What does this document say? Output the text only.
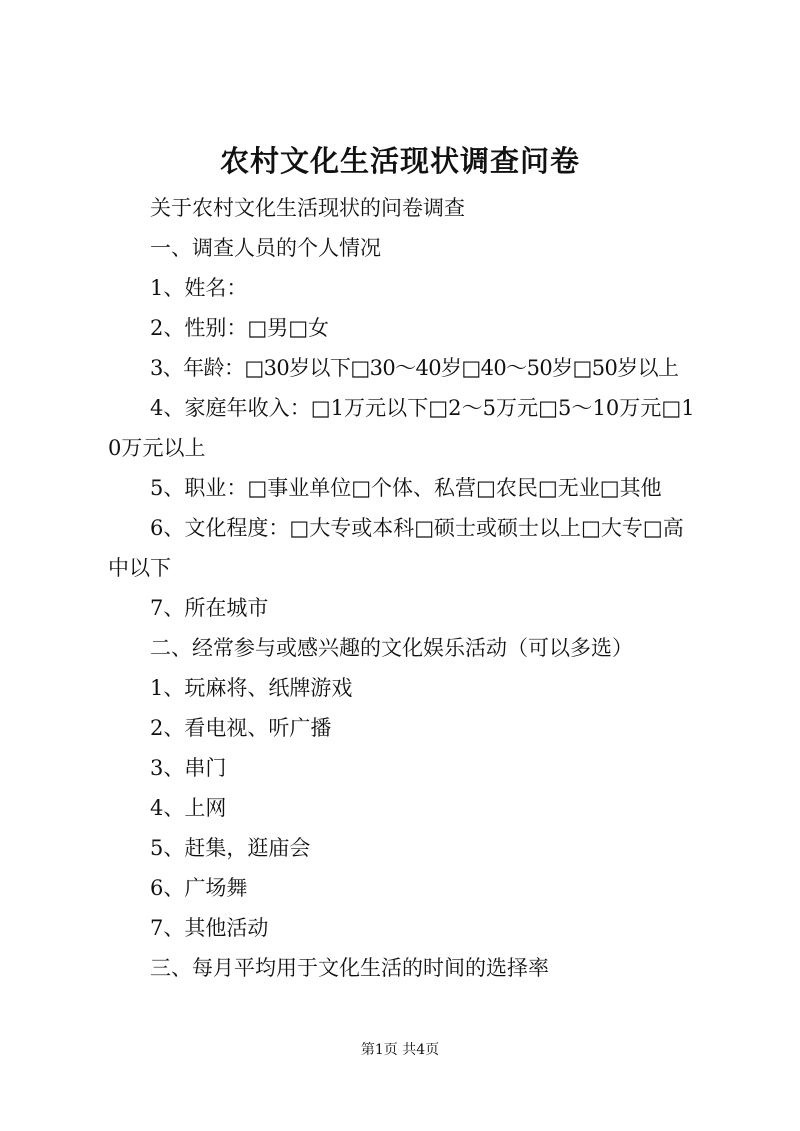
农村文化生活现状调查问卷

关于农村文化生活现状的问卷调查

一、调查人员的个人情况

1、姓名：

2、性别：□男□女

3、年龄：□30岁以下□30～40岁□40～50岁□50岁以上

4、家庭年收入：□1万元以下□2～5万元□5～10万元□10万元以上

5、职业：□事业单位□个体、私营□农民□无业□其他

6、文化程度：□大专或本科□硕士或硕士以上□大专□高中以下

7、所在城市

二、经常参与或感兴趣的文化娱乐活动（可以多选）

1、玩麻将、纸牌游戏

2、看电视、听广播

3、串门

4、上网

5、赶集，逛庙会

6、广场舞

7、其他活动

三、每月平均用于文化生活的时间的选择率

第1页 共4页
